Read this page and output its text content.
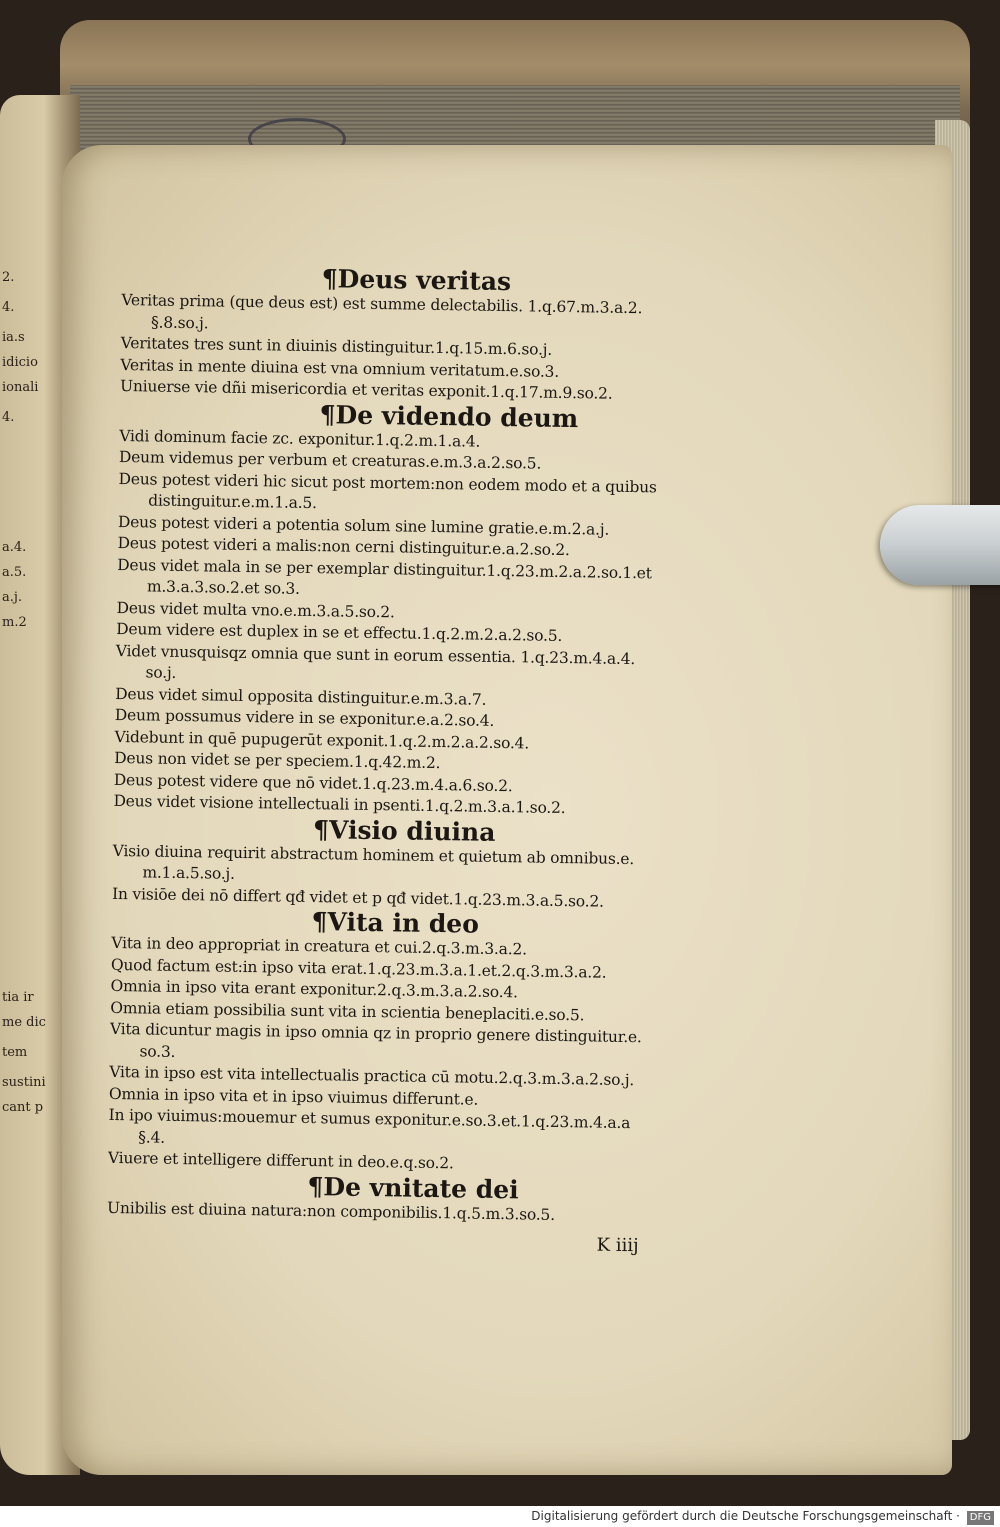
2.
4.
ia.s
idicio
ionali
4.
a.4.
a.5.
a.j.
m.2
tia ir
me dic
tem
sustini
cant p
¶Deus veritas
Veritas prima (que deus est) est summe delectabilis. 1.q.67.m.3.a.2.
§.8.so.j.
Veritates tres sunt in diuinis distinguitur.1.q.15.m.6.so.j.
Veritas in mente diuina est vna omnium veritatum.e.so.3.
Uniuerse vie dñi misericordia et veritas exponit.1.q.17.m.9.so.2.
¶De videndo deum
Vidi dominum facie zc. exponitur.1.q.2.m.1.a.4.
Deum videmus per verbum et creaturas.e.m.3.a.2.so.5.
Deus potest videri hic sicut post mortem:non eodem modo et a quibus
distinguitur.e.m.1.a.5.
Deus potest videri a potentia solum sine lumine gratie.e.m.2.a.j.
Deus potest videri a malis:non cerni distinguitur.e.a.2.so.2.
Deus videt mala in se per exemplar distinguitur.1.q.23.m.2.a.2.so.1.et
m.3.a.3.so.2.et so.3.
Deus videt multa vno.e.m.3.a.5.so.2.
Deum videre est duplex in se et effectu.1.q.2.m.2.a.2.so.5.
Videt vnusquisqz omnia que sunt in eorum essentia. 1.q.23.m.4.a.4.
so.j.
Deus videt simul opposita distinguitur.e.m.3.a.7.
Deum possumus videre in se exponitur.e.a.2.so.4.
Videbunt in quē pupugerūt exponit.1.q.2.m.2.a.2.so.4.
Deus non videt se per speciem.1.q.42.m.2.
Deus potest videre que nō videt.1.q.23.m.4.a.6.so.2.
Deus videt visione intellectuali in psenti.1.q.2.m.3.a.1.so.2.
¶Visio diuina
Visio diuina requirit abstractum hominem et quietum ab omnibus.e.
m.1.a.5.so.j.
In visiōe dei nō differt qđ videt et p qđ videt.1.q.23.m.3.a.5.so.2.
¶Vita in deo
Vita in deo appropriat in creatura et cui.2.q.3.m.3.a.2.
Quod factum est:in ipso vita erat.1.q.23.m.3.a.1.et.2.q.3.m.3.a.2.
Omnia in ipso vita erant exponitur.2.q.3.m.3.a.2.so.4.
Omnia etiam possibilia sunt vita in scientia beneplaciti.e.so.5.
Vita dicuntur magis in ipso omnia qz in proprio genere distinguitur.e.
so.3.
Vita in ipso est vita intellectualis practica cū motu.2.q.3.m.3.a.2.so.j.
Omnia in ipso vita et in ipso viuimus differunt.e.
In ipo viuimus:mouemur et sumus exponitur.e.so.3.et.1.q.23.m.4.a.a
§.4.
Viuere et intelligere differunt in deo.e.q.so.2.
¶De vnitate dei
Unibilis est diuina natura:non componibilis.1.q.5.m.3.so.5.
K iiij
Digitalisierung gefördert durch die Deutsche Forschungsgemeinschaft · DFG
